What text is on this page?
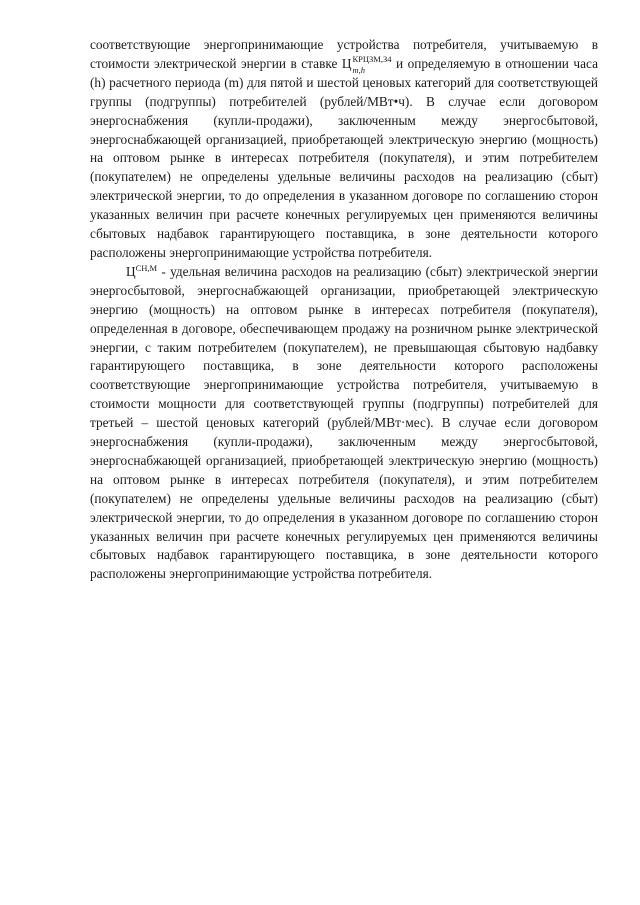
соответствующие энергопринимающие устройства потребителя, учитываемую в стоимости электрической энергии в ставке Ц КРЦЗМ,З4
m,h	и определяемую в отношении часа (h) расчетного периода (m) для пятой и шестой ценовых категорий для соответствующей группы (подгруппы) потребителей (рублей/МВт•ч). В случае если договором энергоснабжения (купли-продажи), заключенным между энергосбытовой, энергоснабжающей организацией, приобретающей электрическую энергию (мощность) на оптовом рынке в интересах потребителя (покупателя), и этим потребителем (покупателем) не определены удельные величины расходов на реализацию (сбыт) электрической энергии, то до определения в указанном договоре по соглашению сторон указанных величин при расчете конечных регулируемых цен применяются величины сбытовых надбавок гарантирующего поставщика, в зоне деятельности которого расположены энергопринимающие устройства потребителя.

$Ц^{СН,М}$ - удельная величина расходов на реализацию (сбыт) электрической энергии энергосбытовой, энергоснабжающей организации, приобретающей электрическую энергию (мощность) на оптовом рынке в интересах потребителя (покупателя), определенная в договоре, обеспечивающем продажу на розничном рынке электрической энергии, с таким потребителем (покупателем), не превышающая сбытовую надбавку гарантирующего поставщика, в зоне деятельности которого расположены соответствующие энергопринимающие устройства потребителя, учитываемую в стоимости мощности для соответствующей группы (подгруппы) потребителей для третьей – шестой ценовых категорий (рублей/МВт·мес). В случае если договором энергоснабжения (купли-продажи), заключенным между энергосбытовой, энергоснабжающей организацией, приобретающей электрическую энергию (мощность) на оптовом рынке в интересах потребителя (покупателя), и этим потребителем (покупателем) не определены удельные величины расходов на реализацию (сбыт) электрической энергии, то до определения в указанном договоре по соглашению сторон указанных величин при расчете конечных регулируемых цен применяются величины сбытовых надбавок гарантирующего поставщика, в зоне деятельности которого расположены энергопринимающие устройства потребителя.
